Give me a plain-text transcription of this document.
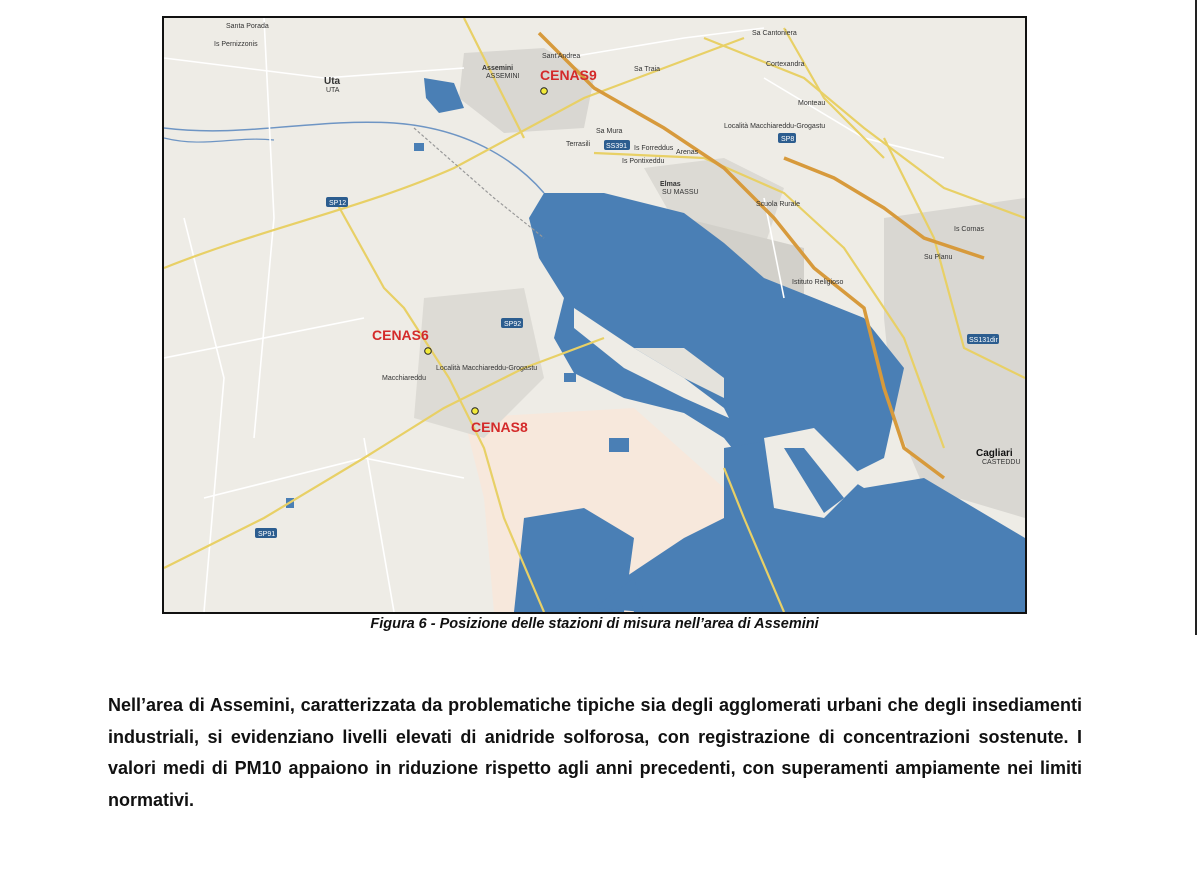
SP12
SP92
SP91
SS391
SP8
SS131dir
Santa Porada
Is Pernizzonis
Uta
UTA
Assemini
ASSEMINI
Sant'Andrea
Sa Traia
Sa Cantoniera
Cortexandra
Monteau
Località Macchiareddu-Grogastu
Sa Mura
Terrasili
Is Forreddus
Is Pontixeddu
Arenas
Elmas
SU MASSU
Scuola Rurale
Istituto Religioso
Is Cornas
Su Planu
Macchiareddu
Località Macchiareddu-Grogastu
Cagliari
CASTEDDU
CENAS9
CENAS6
CENAS8
Figura 6 - Posizione delle stazioni di misura nell’area di Assemini

Nell’area di Assemini, caratterizzata da problematiche tipiche sia degli agglomerati urbani che degli insediamenti industriali, si evidenziano livelli elevati di anidride solforosa, con registrazione di concentrazioni sostenute. I valori medi di PM10 appaiono in riduzione rispetto agli anni precedenti, con superamenti ampiamente nei limiti normativi.
